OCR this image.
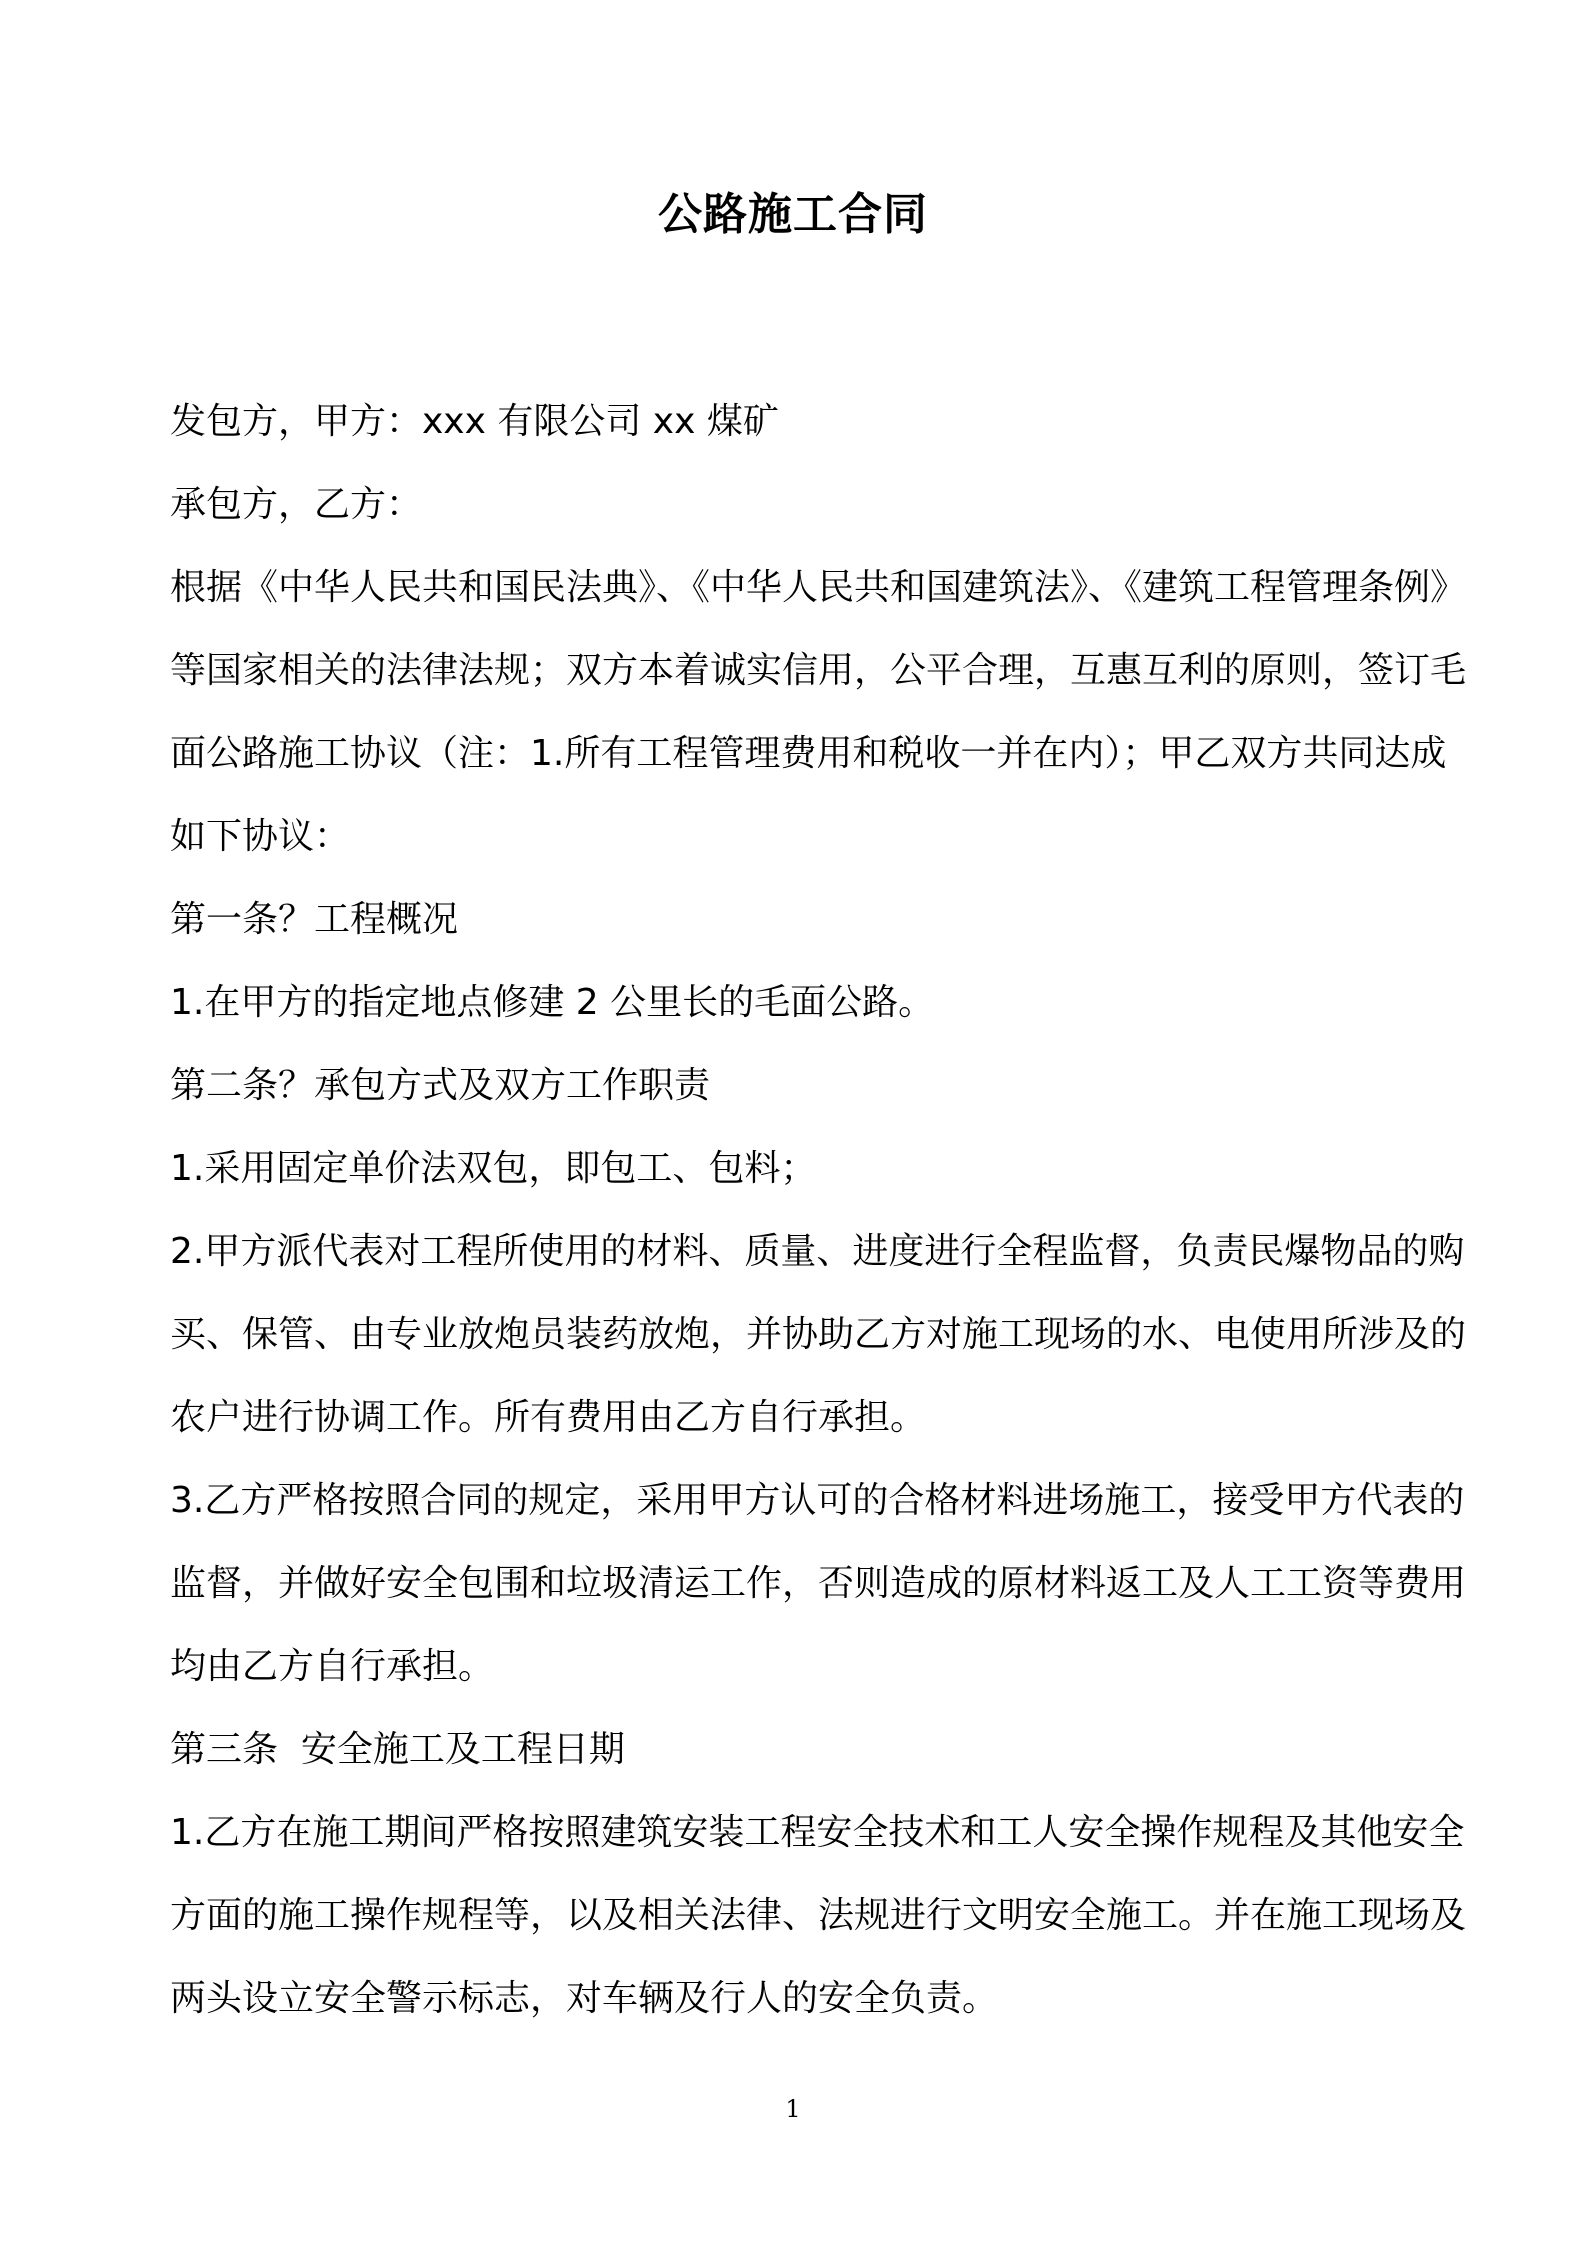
公路施工合同

发包方，甲方：xxx 有限公司 xx 煤矿

承包方，乙方：

根据《中华人民共和国民法典》、《中华人民共和国建筑法》、《建筑工程管理条例》等国家相关的法律法规；双方本着诚实信用，公平合理，互惠互利的原则，签订毛面公路施工协议（注：1.所有工程管理费用和税收一并在内）；甲乙双方共同达成如下协议：

第一条？工程概况

1.在甲方的指定地点修建 2 公里长的毛面公路。

第二条？承包方式及双方工作职责

1.采用固定单价法双包，即包工、包料；

2.甲方派代表对工程所使用的材料、质量、进度进行全程监督，负责民爆物品的购买、保管、由专业放炮员装药放炮，并协助乙方对施工现场的水、电使用所涉及的农户进行协调工作。所有费用由乙方自行承担。

3.乙方严格按照合同的规定，采用甲方认可的合格材料进场施工，接受甲方代表的监督，并做好安全包围和垃圾清运工作，否则造成的原材料返工及人工工资等费用均由乙方自行承担。

第三条  安全施工及工程日期

1.乙方在施工期间严格按照建筑安装工程安全技术和工人安全操作规程及其他安全方面的施工操作规程等，以及相关法律、法规进行文明安全施工。并在施工现场及两头设立安全警示标志，对车辆及行人的安全负责。

1
